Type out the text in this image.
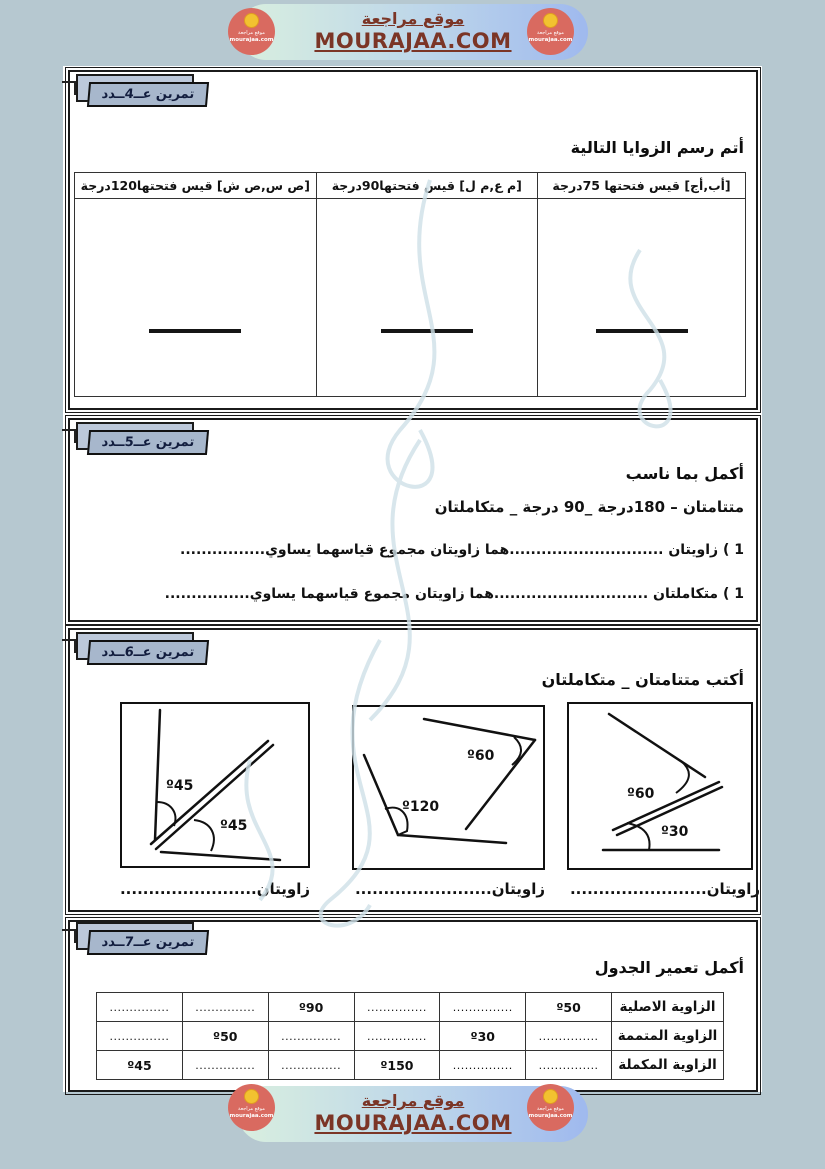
موقع مراجعة
MOURAJAA.COM
موقع مراجعة
mourajaa.com
موقع مراجعة
mourajaa.com
تمرين عــ4ــدد
أتم رسم الزوايا التالية
[أب,أج] قيس فتحتها 75درجة	[م ع,م ل] قيس فتحتها90درجة	[ص س,ص ش] قيس فتحتها120درجة

تمرين عــ5ــدد
أكمل بما ناسب
متتامتان – 180درجة _90 درجة _ متكاملتان
1 ) زاويتان .............................هما زاويتان مجموع قياسهما يساوي................
1 ) متكاملتان .............................هما زاويتان مجموع قياسهما يساوي................
تمرين عــ6ــدد
أكتب متتامتان _ متكاملتان
º45
º45
º60
º120
º60
º30
زاويتان........................	زاويتان........................	زاويتان........................
تمرين عــ7ــدد
أكمل تعمير الجدول
الزاوية الاصلية	º50	...............	...............	º90	...............	...............
الزاوية المتممة	...............	º30	...............	...............	º50	...............
الزاوية المكملة	...............	...............	º150	...............	...............	º45
موقع مراجعة
MOURAJAA.COM
موقع مراجعة
mourajaa.com
موقع مراجعة
mourajaa.com
